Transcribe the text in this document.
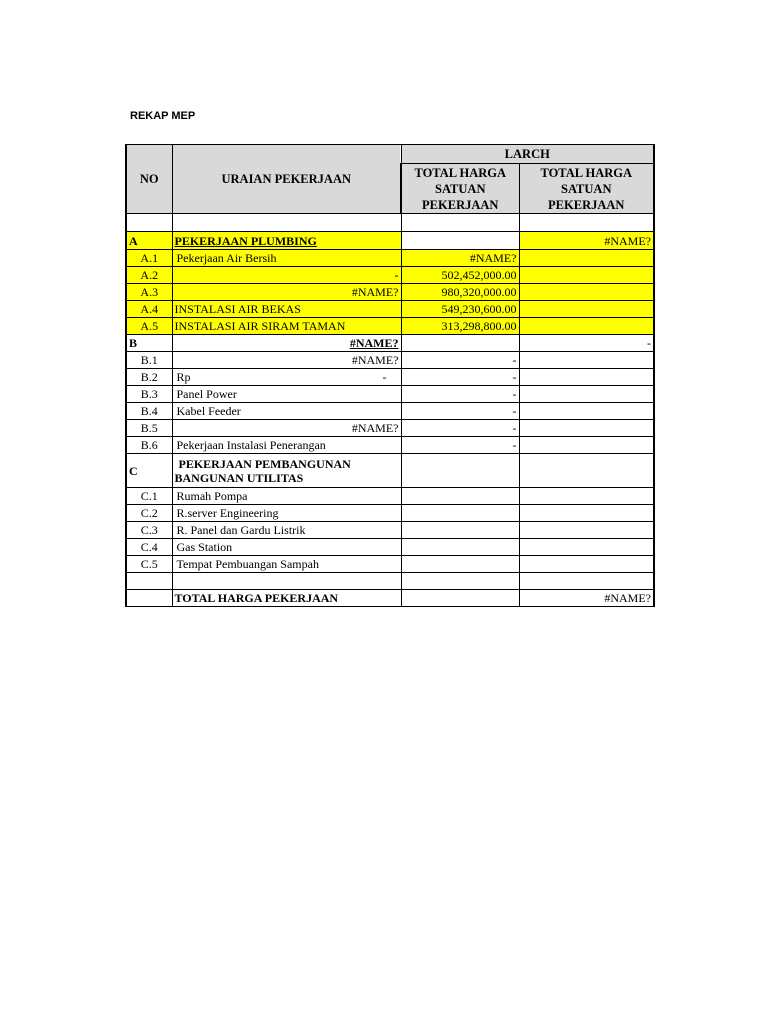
REKAP MEP
NO	URAIAN PEKERJAAN	LARCH	
		TOTAL HARGA SATUAN PEKERJAAN	TOTAL HARGA SATUAN PEKERJAAN

A	PEKERJAAN PLUMBING		#NAME?
A.1	Pekerjaan Air Bersih	#NAME?	
A.2	-	502,452,000.00	
A.3	#NAME?	980,320,000.00	
A.4	INSTALASI AIR BEKAS	549,230,600.00	
A.5	INSTALASI AIR SIRAM TAMAN	313,298,800.00	
B	#NAME?		-
B.1	#NAME?	-	
B.2	Rp -	-	
B.3	Panel Power	-	
B.4	Kabel Feeder	-	
B.5	#NAME?	-	
B.6	Pekerjaan Instalasi Penerangan	-	
C	PEKERJAAN PEMBANGUNAN
BANGUNAN UTILITAS		

C.1	Rumah Pompa		
C.2	R.server Engineering		
C.3	R. Panel dan Gardu Listrik		
C.4	Gas Station		
C.5	Tempat Pembuangan Sampah		

	TOTAL HARGA PEKERJAAN		#NAME?
